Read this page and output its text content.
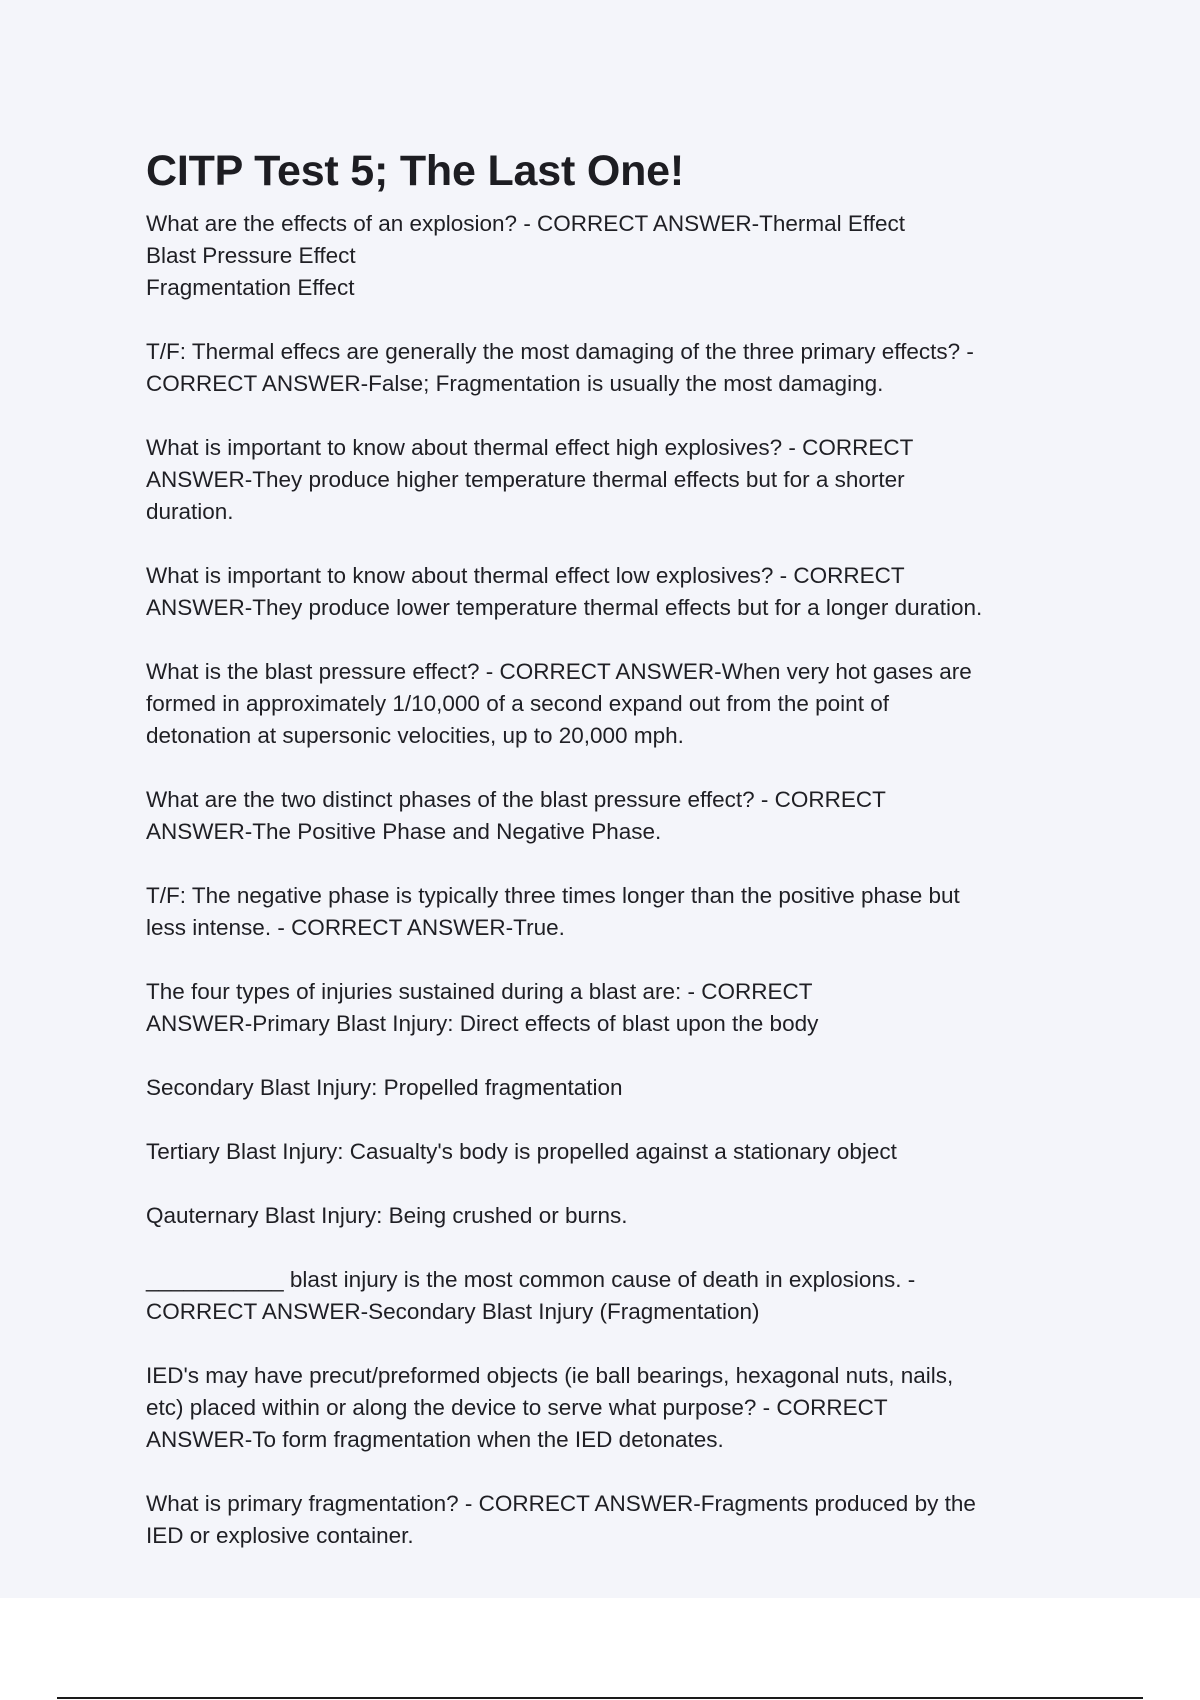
CITP Test 5; The Last One!

What are the effects of an explosion? - CORRECT ANSWER-Thermal Effect
Blast Pressure Effect
Fragmentation Effect

T/F: Thermal effecs are generally the most damaging of the three primary effects? -
CORRECT ANSWER-False; Fragmentation is usually the most damaging.

What is important to know about thermal effect high explosives? - CORRECT
ANSWER-They produce higher temperature thermal effects but for a shorter
duration.

What is important to know about thermal effect low explosives? - CORRECT
ANSWER-They produce lower temperature thermal effects but for a longer duration.

What is the blast pressure effect? - CORRECT ANSWER-When very hot gases are
formed in approximately 1/10,000 of a second expand out from the point of
detonation at supersonic velocities, up to 20,000 mph.

What are the two distinct phases of the blast pressure effect? - CORRECT
ANSWER-The Positive Phase and Negative Phase.

T/F: The negative phase is typically three times longer than the positive phase but
less intense. - CORRECT ANSWER-True.

The four types of injuries sustained during a blast are: - CORRECT
ANSWER-Primary Blast Injury: Direct effects of blast upon the body

Secondary Blast Injury: Propelled fragmentation

Tertiary Blast Injury: Casualty's body is propelled against a stationary object

Qauternary Blast Injury: Being crushed or burns.

___________ blast injury is the most common cause of death in explosions. -
CORRECT ANSWER-Secondary Blast Injury (Fragmentation)

IED's may have precut/preformed objects (ie ball bearings, hexagonal nuts, nails,
etc) placed within or along the device to serve what purpose? - CORRECT
ANSWER-To form fragmentation when the IED detonates.

What is primary fragmentation? - CORRECT ANSWER-Fragments produced by the
IED or explosive container.
